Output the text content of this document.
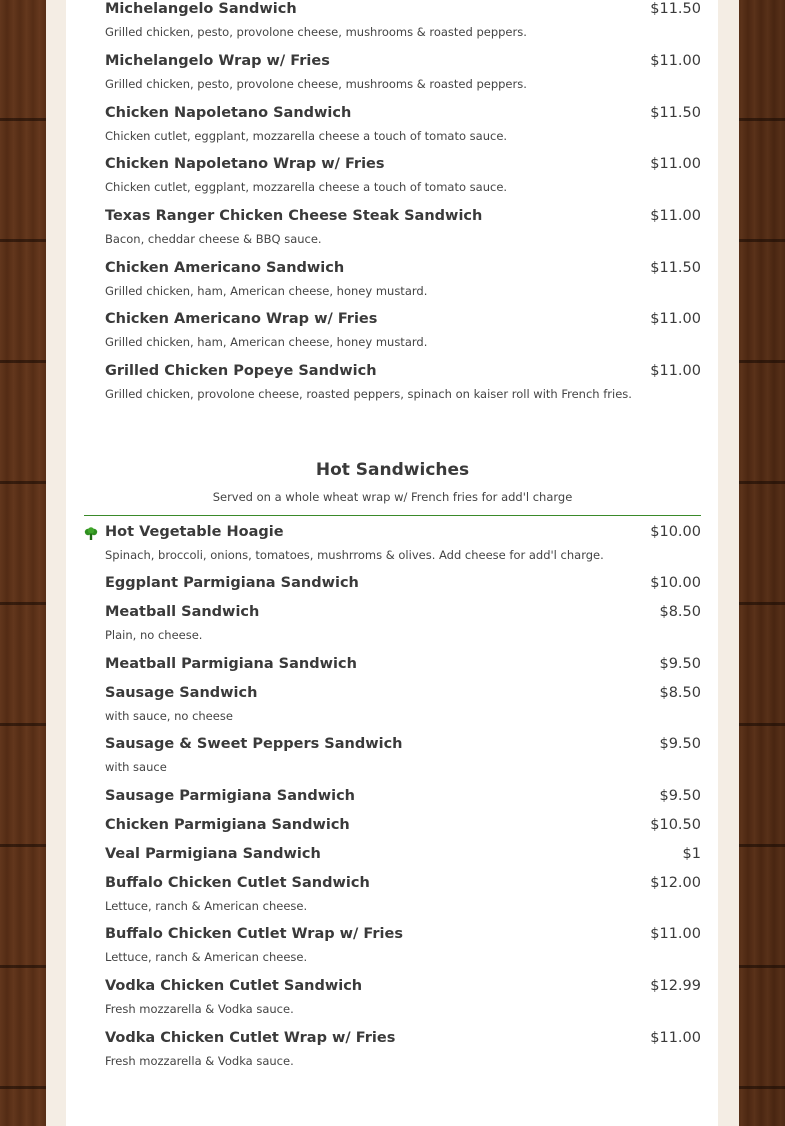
Michelangelo Sandwich	$11.50
Grilled chicken, pesto, provolone cheese, mushrooms & roasted peppers.
Michelangelo Wrap w/ Fries	$11.00
Grilled chicken, pesto, provolone cheese, mushrooms & roasted peppers.
Chicken Napoletano Sandwich	$11.50
Chicken cutlet, eggplant, mozzarella cheese a touch of tomato sauce.
Chicken Napoletano Wrap w/ Fries	$11.00
Chicken cutlet, eggplant, mozzarella cheese a touch of tomato sauce.
Texas Ranger Chicken Cheese Steak Sandwich	$11.00
Bacon, cheddar cheese & BBQ sauce.
Chicken Americano Sandwich	$11.50
Grilled chicken, ham, American cheese, honey mustard.
Chicken Americano Wrap w/ Fries	$11.00
Grilled chicken, ham, American cheese, honey mustard.
Grilled Chicken Popeye Sandwich	$11.00
Grilled chicken, provolone cheese, roasted peppers, spinach on kaiser roll with French fries.
Hot Sandwiches
Served on a whole wheat wrap w/ French fries for add'l charge
Hot Vegetable Hoagie	$10.00
Spinach, broccoli, onions, tomatoes, mushrroms & olives. Add cheese for add'l charge.
Eggplant Parmigiana Sandwich	$10.00
Meatball Sandwich	$8.50
Plain, no cheese.
Meatball Parmigiana Sandwich	$9.50
Sausage Sandwich	$8.50
with sauce, no cheese
Sausage & Sweet Peppers Sandwich	$9.50
with sauce
Sausage Parmigiana Sandwich	$9.50
Chicken Parmigiana Sandwich	$10.50
Veal Parmigiana Sandwich	$1
Buffalo Chicken Cutlet Sandwich	$12.00
Lettuce, ranch & American cheese.
Buffalo Chicken Cutlet Wrap w/ Fries	$11.00
Lettuce, ranch & American cheese.
Vodka Chicken Cutlet Sandwich	$12.99
Fresh mozzarella & Vodka sauce.
Vodka Chicken Cutlet Wrap w/ Fries	$11.00
Fresh mozzarella & Vodka sauce.
